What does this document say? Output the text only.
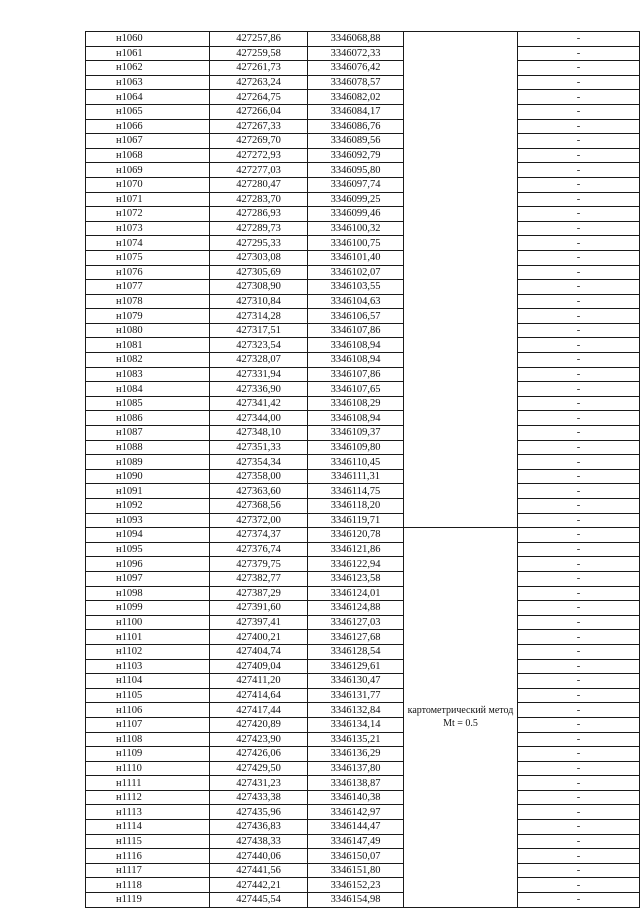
н1060	427257,86	3346068,88		-
н1061	427259,58	3346072,33		-
н1062	427261,73	3346076,42		-
н1063	427263,24	3346078,57		-
н1064	427264,75	3346082,02		-
н1065	427266,04	3346084,17		-
н1066	427267,33	3346086,76		-
н1067	427269,70	3346089,56		-
н1068	427272,93	3346092,79		-
н1069	427277,03	3346095,80		-
н1070	427280,47	3346097,74		-
н1071	427283,70	3346099,25		-
н1072	427286,93	3346099,46		-
н1073	427289,73	3346100,32		-
н1074	427295,33	3346100,75		-
н1075	427303,08	3346101,40		-
н1076	427305,69	3346102,07		-
н1077	427308,90	3346103,55		-
н1078	427310,84	3346104,63		-
н1079	427314,28	3346106,57		-
н1080	427317,51	3346107,86		-
н1081	427323,54	3346108,94		-
н1082	427328,07	3346108,94		-
н1083	427331,94	3346107,86		-
н1084	427336,90	3346107,65		-
н1085	427341,42	3346108,29		-
н1086	427344,00	3346108,94		-
н1087	427348,10	3346109,37		-
н1088	427351,33	3346109,80		-
н1089	427354,34	3346110,45		-
н1090	427358,00	3346111,31		-
н1091	427363,60	3346114,75		-
н1092	427368,56	3346118,20		-
н1093	427372,00	3346119,71		-
н1094	427374,37	3346120,78	картометрический метод Mt = 0.5	-
н1095	427376,74	3346121,86		-
н1096	427379,75	3346122,94		-
н1097	427382,77	3346123,58		-
н1098	427387,29	3346124,01		-
н1099	427391,60	3346124,88		-
н1100	427397,41	3346127,03		-
н1101	427400,21	3346127,68		-
н1102	427404,74	3346128,54		-
н1103	427409,04	3346129,61		-
н1104	427411,20	3346130,47		-
н1105	427414,64	3346131,77		-
н1106	427417,44	3346132,84		-
н1107	427420,89	3346134,14		-
н1108	427423,90	3346135,21		-
н1109	427426,06	3346136,29		-
н1110	427429,50	3346137,80		-
н1111	427431,23	3346138,87		-
н1112	427433,38	3346140,38		-
н1113	427435,96	3346142,97		-
н1114	427436,83	3346144,47		-
н1115	427438,33	3346147,49		-
н1116	427440,06	3346150,07		-
н1117	427441,56	3346151,80		-
н1118	427442,21	3346152,23		-
н1119	427445,54	3346154,98		-
